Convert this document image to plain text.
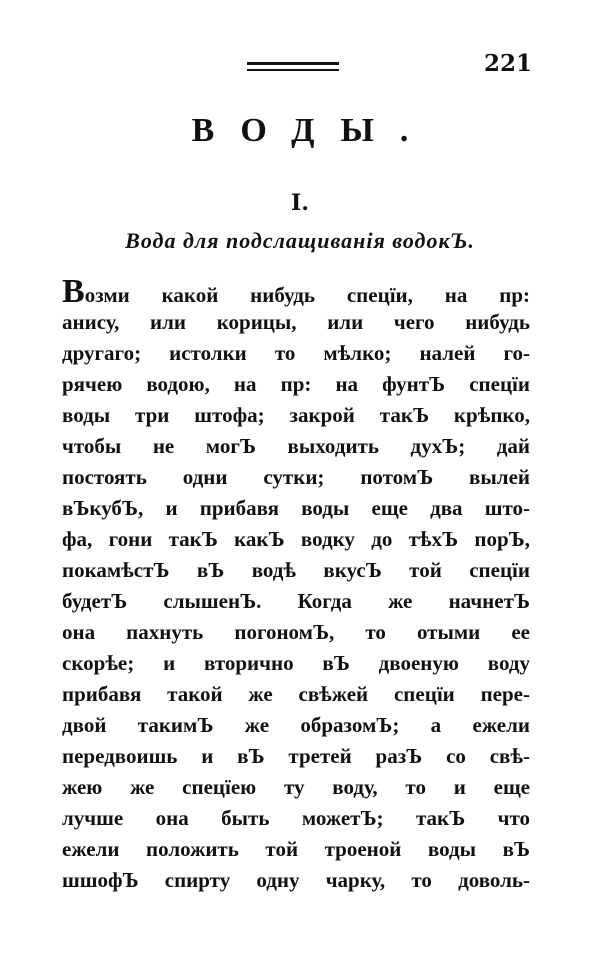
221
ВОДЫ.
I.
Вода для подслащиванія водокЪ.
Возми какой нибудь спецїи, на пр:
анису, или корицы, или чего нибудь
другаго; истолки то мѣлко; налей го-
рячею водою, на пр: на фунтЪ спецїи
воды три штофа; закрой такЪ крѣпко,
чтобы не могЪ выходить духЪ; дай
постоять одни сутки; потомЪ вылей
вЪкубЪ, и прибавя воды еще два што-
фа, гони такЪ какЪ водку до тѣхЪ порЪ,
покамѣстЪ вЪ водѣ вкусЪ той спецїи
будетЪ слышенЪ. Когда же начнетЪ
она пахнуть погономЪ, то отыми ее
скорѣе; и вторично вЪ двоеную воду
прибавя такой же свѣжей спецїи пере-
двой такимЪ же образомЪ; а ежели
передвоишь и вЪ третей разЪ со свѣ-
жею же спецїею ту воду, то и еще
лучше она быть можетЪ; такЪ что
ежели положить той троеной воды вЪ
шшофЪ спирту одну чарку, то доволь-
